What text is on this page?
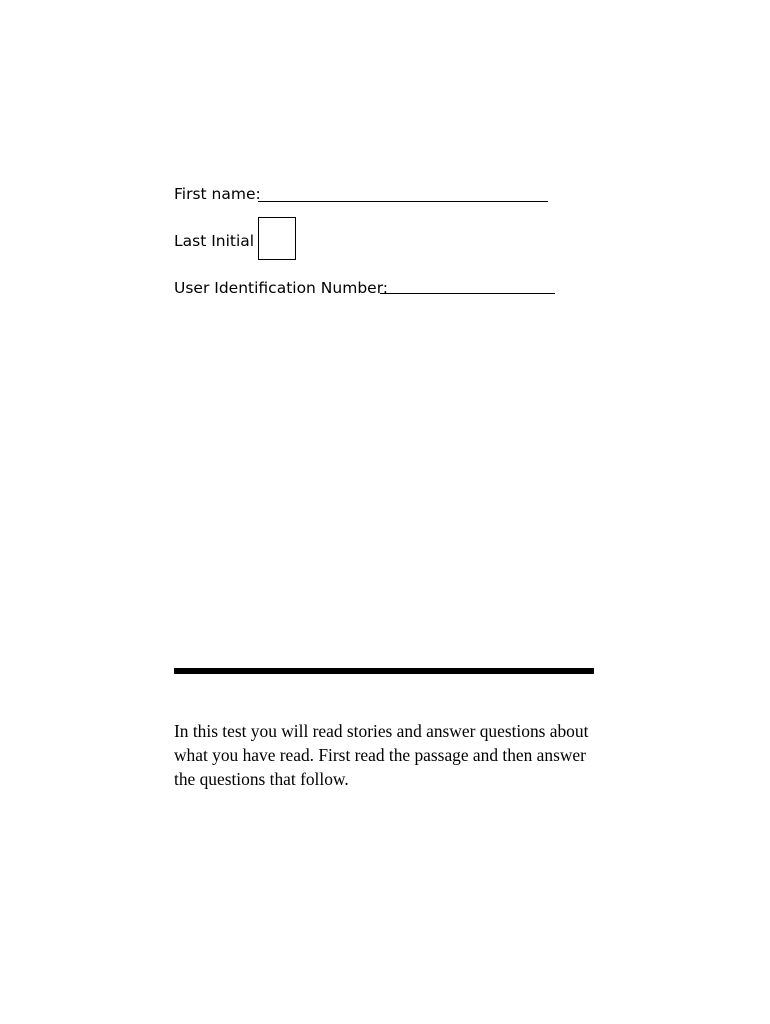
First name:
Last Initial
User Identification Number:
In this test you will read stories and answer questions about
what you have read. First read the passage and then answer
the questions that follow.
